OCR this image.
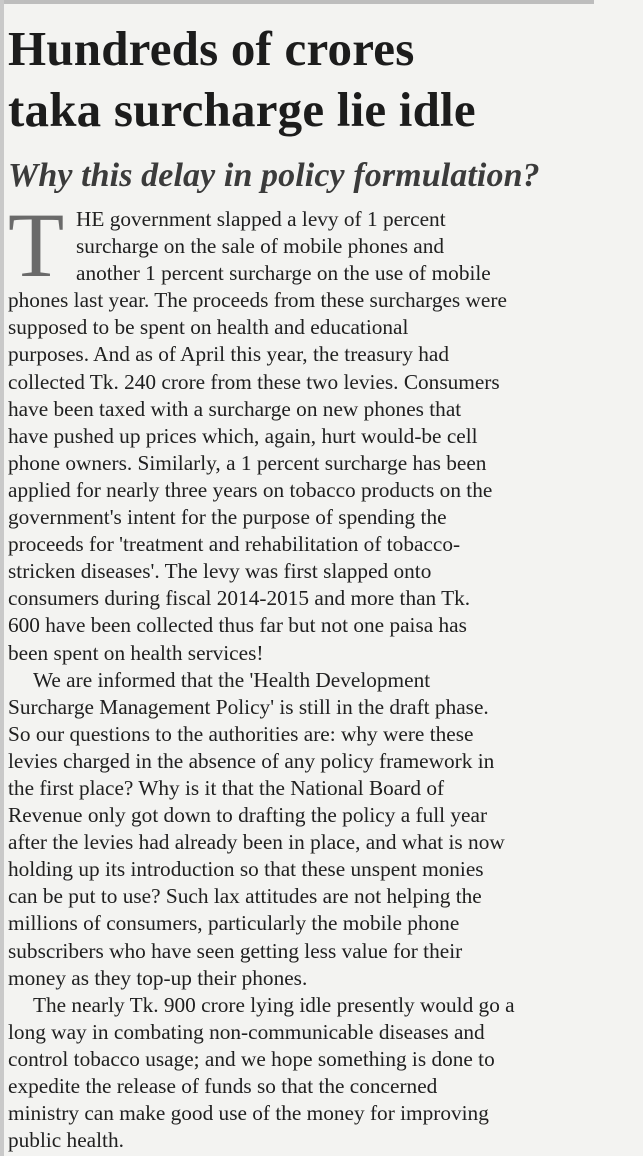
Hundreds of crores
taka surcharge lie idle
Why this delay in policy formulation?
T HE government slapped a levy of 1 percent
surcharge on the sale of mobile phones and
another 1 percent surcharge on the use of mobile
phones last year. The proceeds from these surcharges were
supposed to be spent on health and educational
purposes. And as of April this year, the treasury had
collected Tk. 240 crore from these two levies. Consumers
have been taxed with a surcharge on new phones that
have pushed up prices which, again, hurt would-be cell
phone owners. Similarly, a 1 percent surcharge has been
applied for nearly three years on tobacco products on the
government's intent for the purpose of spending the
proceeds for 'treatment and rehabilitation of tobacco-
stricken diseases'. The levy was first slapped onto
consumers during fiscal 2014-2015 and more than Tk.
600 have been collected thus far but not one paisa has
been spent on health services!
We are informed that the 'Health Development
Surcharge Management Policy' is still in the draft phase.
So our questions to the authorities are: why were these
levies charged in the absence of any policy framework in
the first place? Why is it that the National Board of
Revenue only got down to drafting the policy a full year
after the levies had already been in place, and what is now
holding up its introduction so that these unspent monies
can be put to use? Such lax attitudes are not helping the
millions of consumers, particularly the mobile phone
subscribers who have seen getting less value for their
money as they top-up their phones.
The nearly Tk. 900 crore lying idle presently would go a
long way in combating non-communicable diseases and
control tobacco usage; and we hope something is done to
expedite the release of funds so that the concerned
ministry can make good use of the money for improving
public health.
